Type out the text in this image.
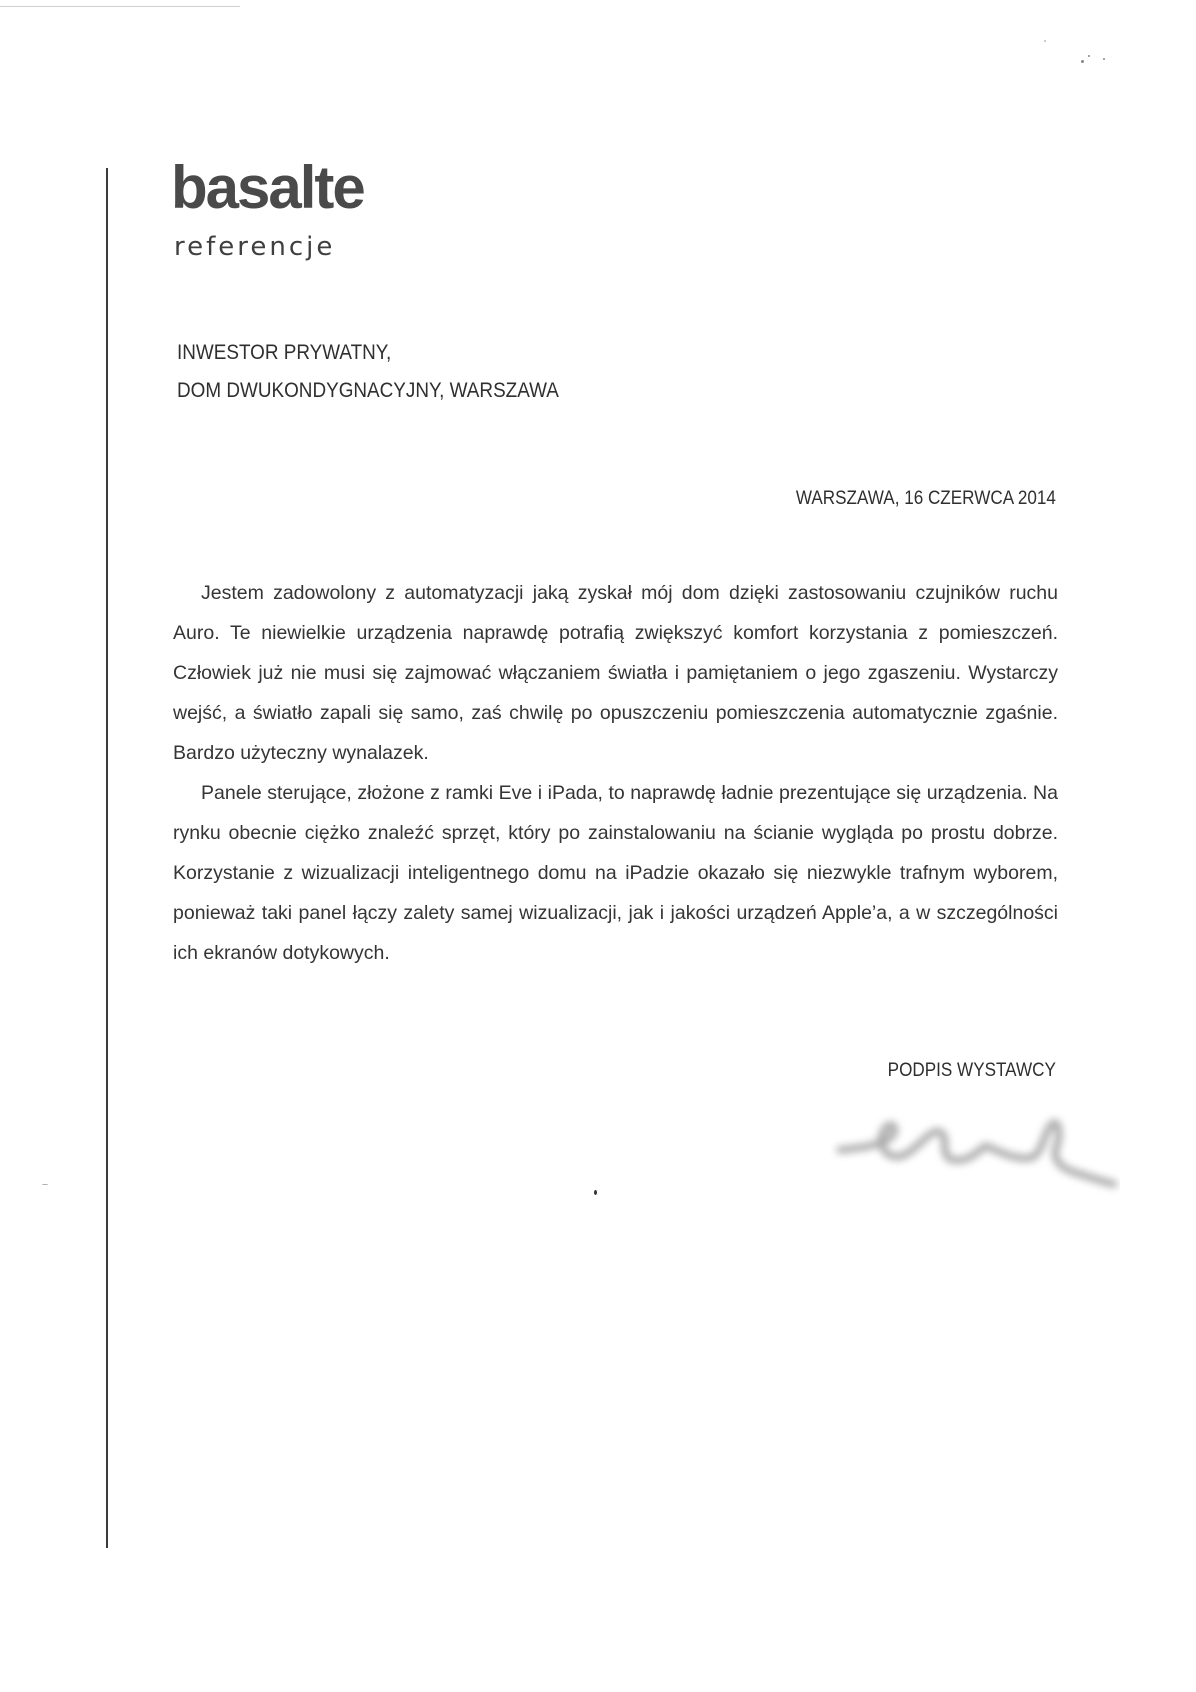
basalte
referencje
INWESTOR PRYWATNY,
DOM DWUKONDYGNACYJNY, WARSZAWA
WARSZAWA, 16 CZERWCA 2014

Jestem zadowolony z automatyzacji jaką zyskał mój dom dzięki zastosowaniu czujników ruchu Auro. Te niewielkie urządzenia naprawdę potrafią zwiększyć komfort korzystania z pomieszczeń. Człowiek już nie musi się zajmować włączaniem światła i pamiętaniem o jego zgaszeniu. Wystarczy wejść, a światło zapali się samo, zaś chwilę po opuszczeniu pomieszczenia automatycznie zgaśnie. Bardzo użyteczny wynalazek.

Panele sterujące, złożone z ramki Eve i iPada, to naprawdę ładnie prezentujące się urządzenia. Na rynku obecnie ciężko znaleźć sprzęt, który po zainstalowaniu na ścianie wygląda po prostu dobrze. Korzystanie z wizualizacji inteligentnego domu na iPadzie okazało się niezwykle trafnym wyborem, ponieważ taki panel łączy zalety samej wizualizacji, jak i jakości urządzeń Apple’a, a w szczególności ich ekranów dotykowych.

PODPIS WYSTAWCY
